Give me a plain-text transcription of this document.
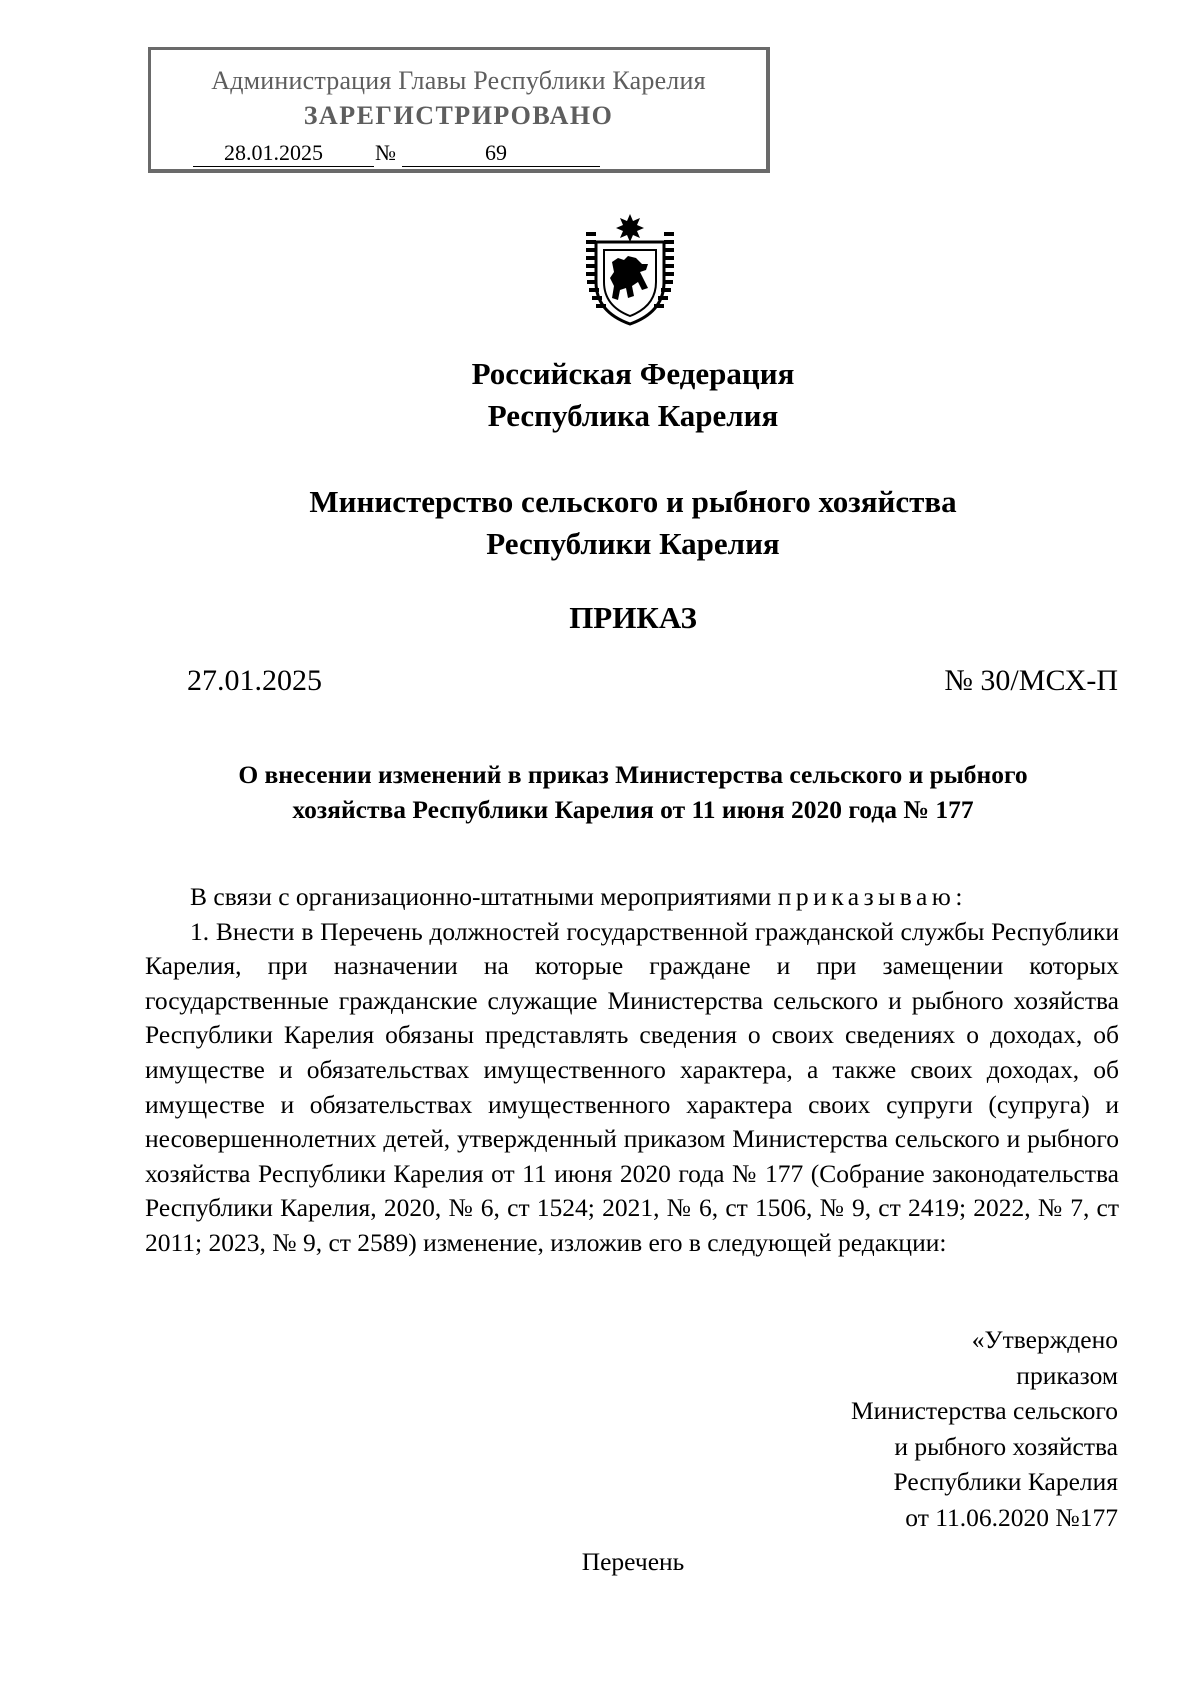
Администрация Главы Республики Карелия
ЗАРЕГИСТРИРОВАНО
28.01.2025 №	69
Российская Федерация
Республика Карелия
Министерство сельского и рыбного хозяйства
Республики Карелия
ПРИКАЗ
27.01.2025	№ 30/МСХ-П
О внесении изменений в приказ Министерства сельского и рыбного
хозяйства Республики Карелия от 11 июня 2020 года № 177

В связи с организационно-штатными мероприятиями приказываю:

1. Внести в Перечень должностей государственной гражданской службы Республики Карелия, при назначении на которые граждане и при замещении которых государственные гражданские служащие Министерства сельского и рыбного хозяйства Республики Карелия обязаны представлять сведения о своих сведениях о доходах, об имуществе и обязательствах имущественного характера, а также своих доходах, об имуществе и обязательствах имущественного характера своих супруги (супруга) и несовершеннолетних детей, утвержденный приказом Министерства сельского и рыбного хозяйства Республики Карелия от 11 июня 2020 года № 177 (Собрание законодательства Республики Карелия, 2020, № 6, ст 1524; 2021, № 6, ст 1506, № 9, ст 2419; 2022, № 7, ст 2011; 2023, № 9, ст 2589) изменение, изложив его в следующей редакции:

«Утверждено
приказом
Министерства сельского
и рыбного хозяйства
Республики Карелия
от 11.06.2020 №177
Перечень
